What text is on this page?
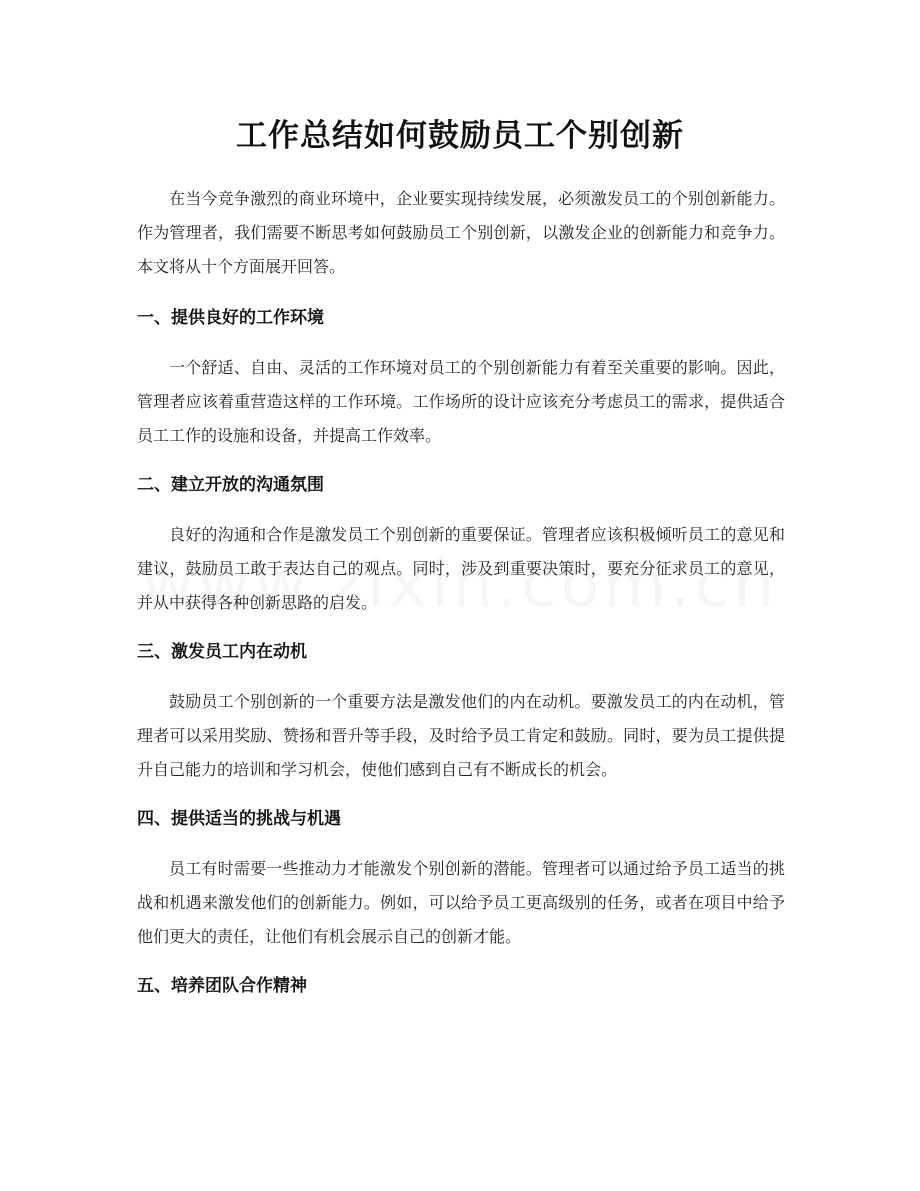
工作总结如何鼓励员工个别创新

在当今竞争激烈的商业环境中，企业要实现持续发展，必须激发员工的个别创新能力。作为管理者，我们需要不断思考如何鼓励员工个别创新，以激发企业的创新能力和竞争力。本文将从十个方面展开回答。

一、提供良好的工作环境

一个舒适、自由、灵活的工作环境对员工的个别创新能力有着至关重要的影响。因此，管理者应该着重营造这样的工作环境。工作场所的设计应该充分考虑员工的需求，提供适合员工工作的设施和设备，并提高工作效率。

二、建立开放的沟通氛围

良好的沟通和合作是激发员工个别创新的重要保证。管理者应该积极倾听员工的意见和建议，鼓励员工敢于表达自己的观点。同时，涉及到重要决策时，要充分征求员工的意见，并从中获得各种创新思路的启发。

三、激发员工内在动机

鼓励员工个别创新的一个重要方法是激发他们的内在动机。要激发员工的内在动机，管理者可以采用奖励、赞扬和晋升等手段，及时给予员工肯定和鼓励。同时，要为员工提供提升自己能力的培训和学习机会，使他们感到自己有不断成长的机会。

四、提供适当的挑战与机遇

员工有时需要一些推动力才能激发个别创新的潜能。管理者可以通过给予员工适当的挑战和机遇来激发他们的创新能力。例如，可以给予员工更高级别的任务，或者在项目中给予他们更大的责任，让他们有机会展示自己的创新才能。

五、培养团队合作精神
